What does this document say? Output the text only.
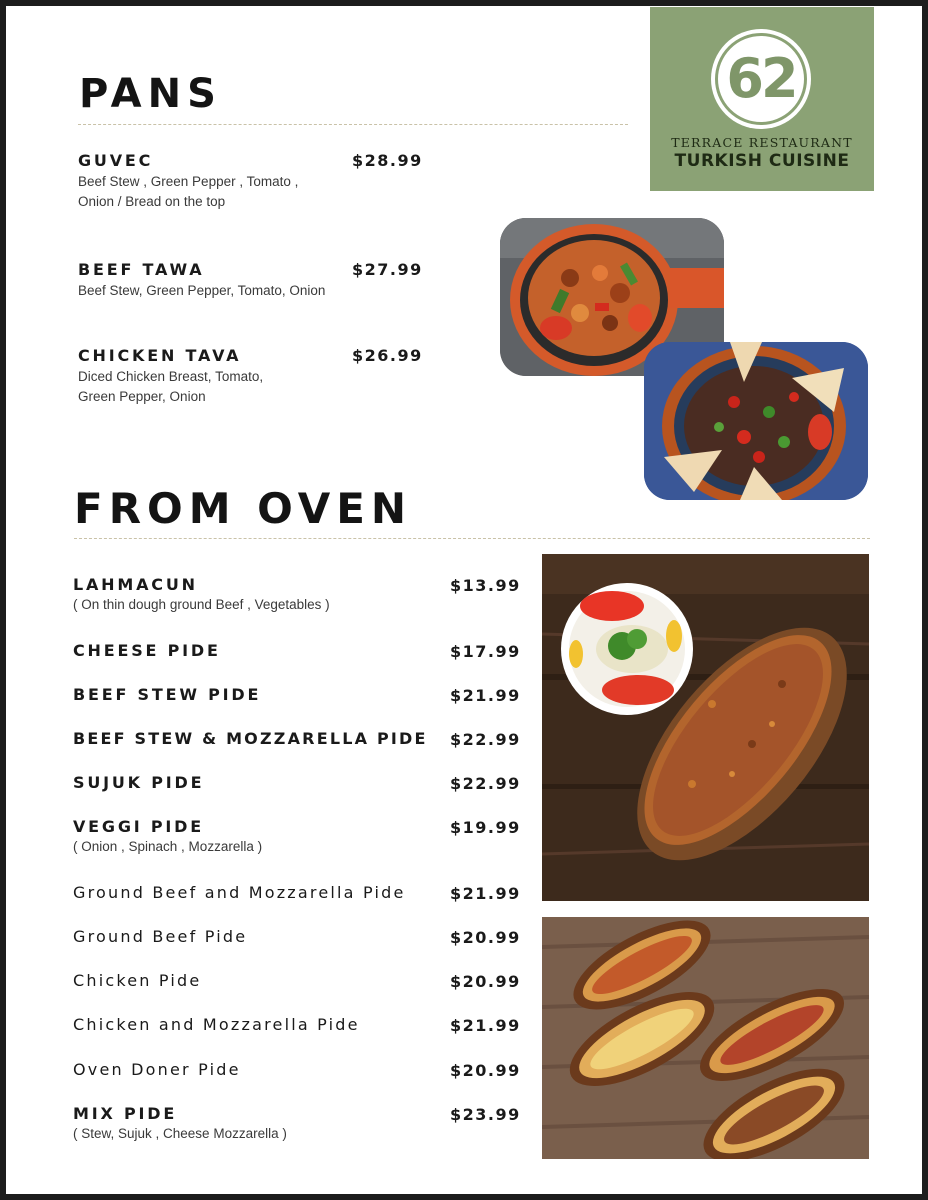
62
TERRACE RESTAURANT
TURKISH CUISINE
PANS
GUVEC
Beef Stew , Green Pepper , Tomato ,
Onion / Bread on the top
$28.99
BEEF TAWA
Beef Stew, Green Pepper, Tomato, Onion
$27.99
CHICKEN TAVA
Diced Chicken Breast, Tomato,
Green Pepper, Onion
$26.99
FROM OVEN
LAHMACUN
( On thin dough ground Beef , Vegetables )
$13.99
CHEESE PIDE	$17.99
BEEF STEW PIDE	$21.99
BEEF STEW & MOZZARELLA PIDE $22.99
SUJUK PIDE	$22.99
VEGGI PIDE
( Onion , Spinach , Mozzarella )
$19.99
Ground Beef and Mozzarella Pide	$21.99
Ground Beef Pide	$20.99
Chicken Pide	$20.99
Chicken and Mozzarella Pide	$21.99
Oven Doner Pide	$20.99
MIX PIDE
( Stew, Sujuk , Cheese Mozzarella )
$23.99
